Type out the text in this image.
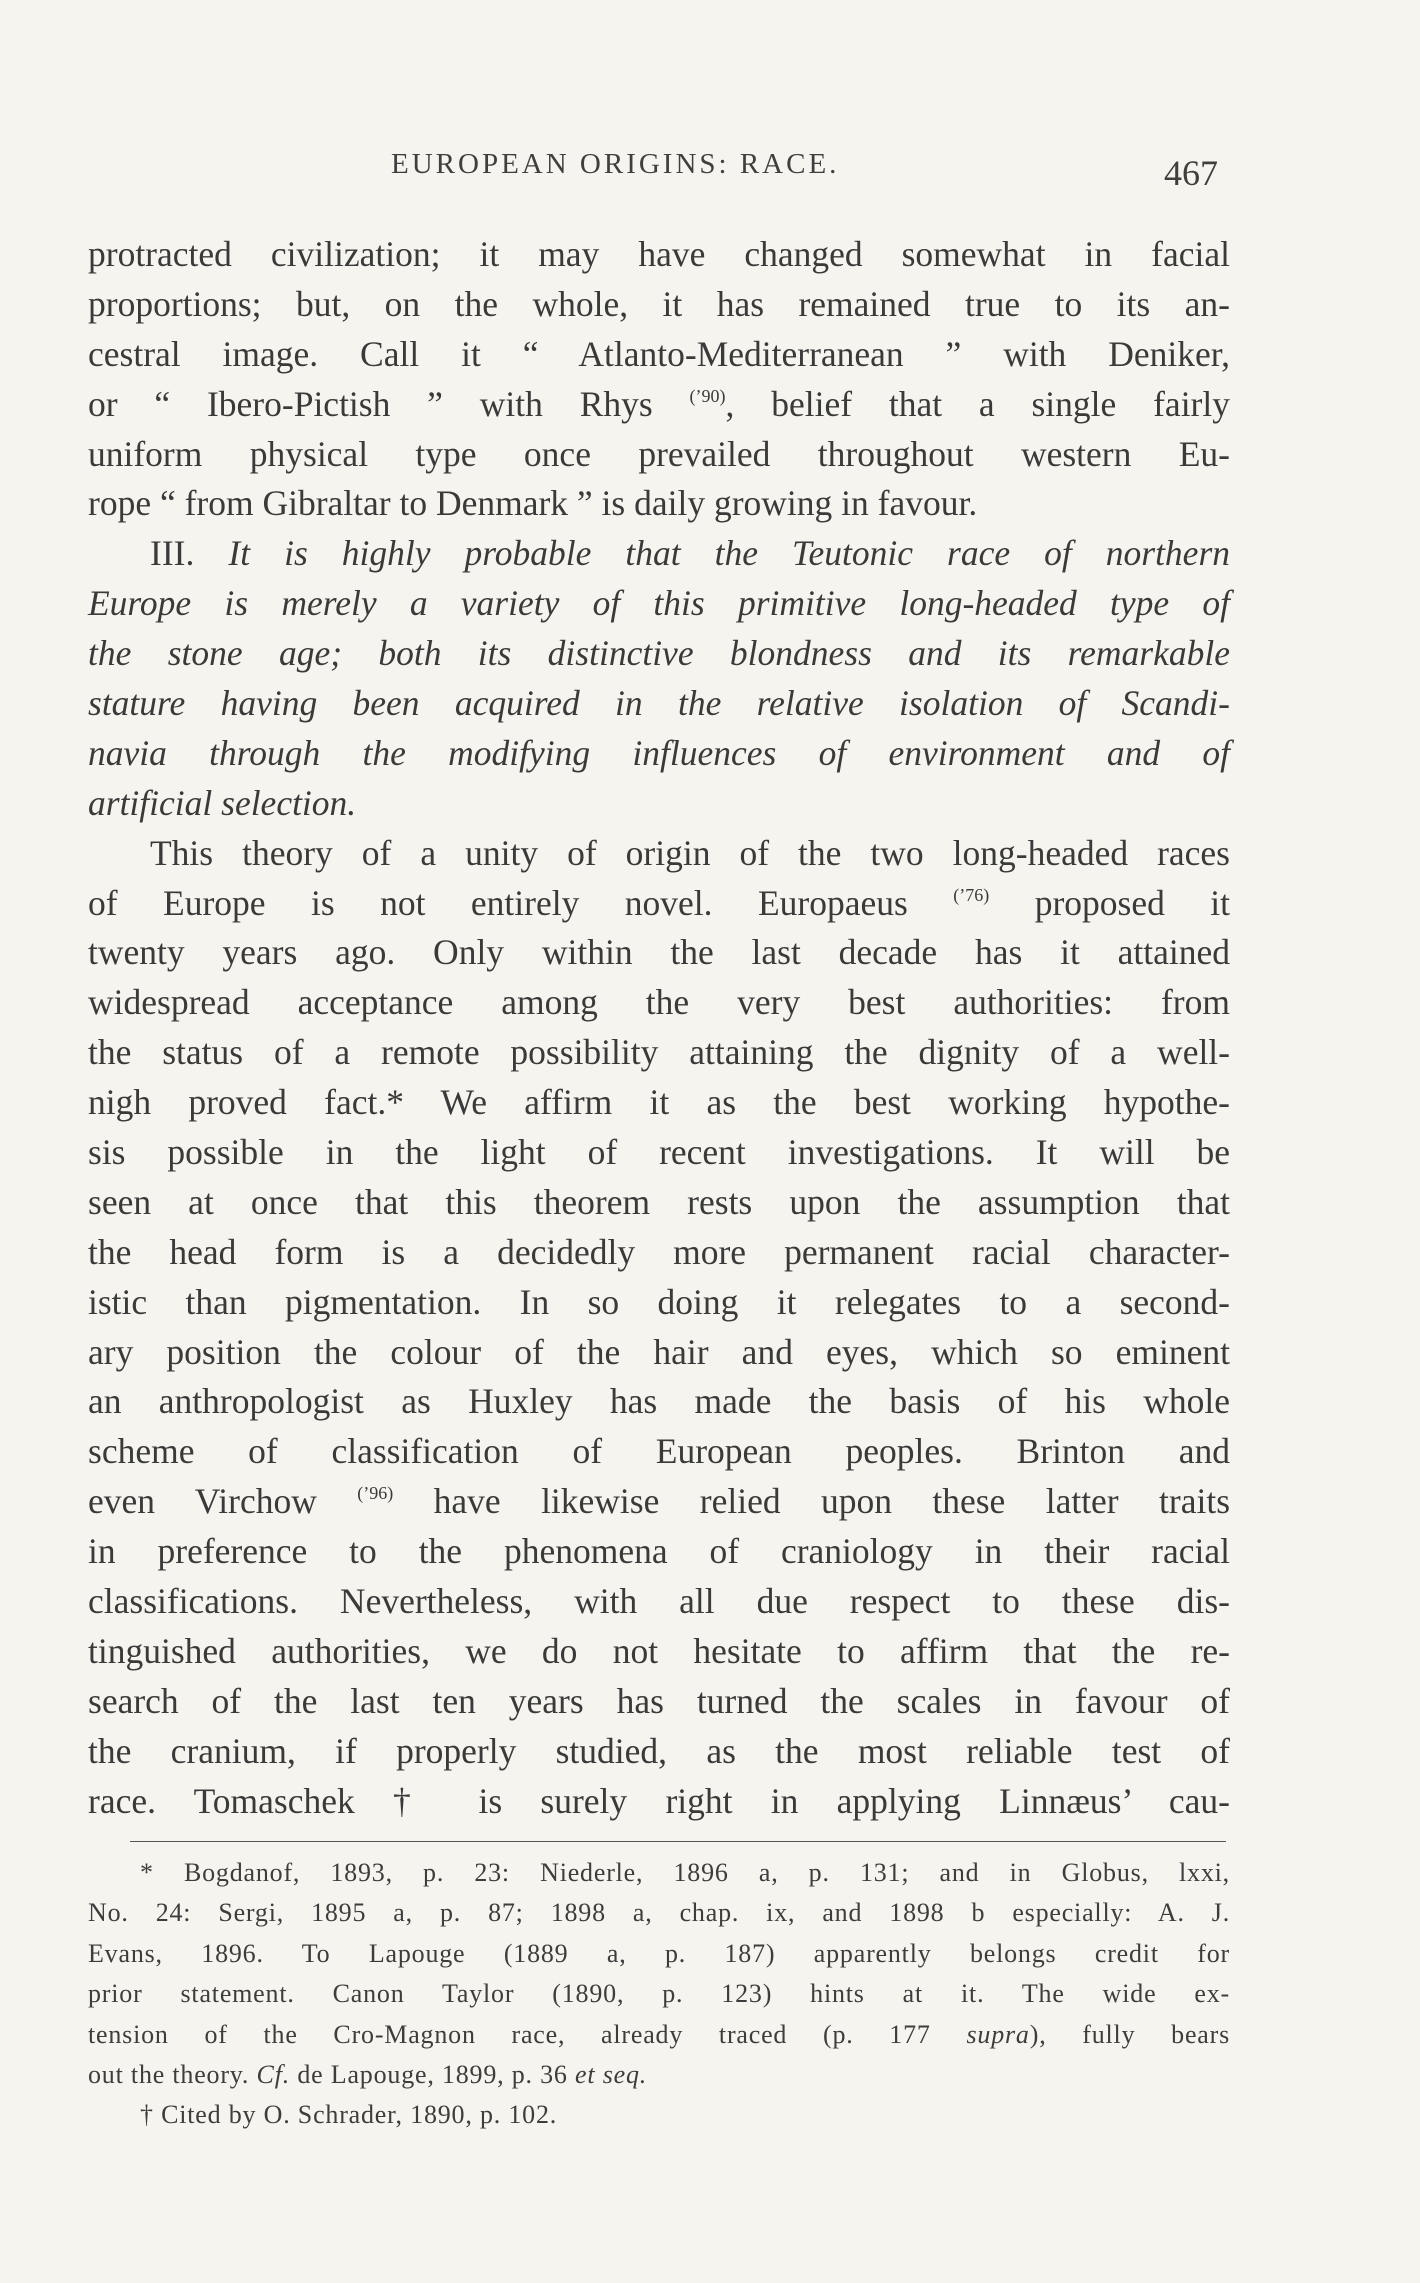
EUROPEAN ORIGINS: RACE.	467
protracted civilization; it may have changed somewhat in facial
proportions; but, on the whole, it has remained true to its an-
cestral image. Call it “ Atlanto-Mediterranean ” with Deniker,
or “ Ibero-Pictish ” with Rhys $^{(’90)}$, belief that a single fairly
uniform physical type once prevailed throughout western Eu-
rope “ from Gibraltar to Denmark ” is daily growing in favour.
III. It is highly probable that the Teutonic race of northern
Europe is merely a variety of this primitive long-headed type of
the stone age; both its distinctive blondness and its remarkable
stature having been acquired in the relative isolation of Scandi-
navia through the modifying influences of environment and of
artificial selection.
This theory of a unity of origin of the two long-headed races
of Europe is not entirely novel. Europaeus	$^{(’76)}$ proposed it
twenty years ago. Only within the last decade has it attained
widespread acceptance among the very best authorities: from
the status of a remote possibility attaining the dignity of a well-
nigh proved fact.* We affirm it as the best working hypothe-
sis possible in the light of recent investigations. It will be
seen at once that this theorem rests upon the assumption that
the head form is a decidedly more permanent racial character-
istic than pigmentation. In so doing it relegates to a second-
ary position the colour of the hair and eyes, which so eminent
an anthropologist as Huxley has made the basis of his whole
scheme of classification of European peoples. Brinton and
even Virchow $^{(’96)}$ have likewise relied upon these latter traits
in preference to the phenomena of craniology in their racial
classifications. Nevertheless, with all due respect to these dis-
tinguished authorities, we do not hesitate to affirm that the re-
search of the last ten years has turned the scales in favour of
the cranium, if properly studied, as the most reliable test of
race. Tomaschek † is surely right in applying Linnæus’ cau-
* Bogdanof, 1893, p. 23: Niederle, 1896 a, p. 131; and in Globus, lxxi,
No. 24: Sergi, 1895 a, p. 87; 1898 a, chap. ix, and 1898 b especially: A. J.
Evans, 1896. To Lapouge (1889 a, p. 187) apparently belongs credit for
prior statement. Canon Taylor (1890, p. 123) hints at it. The wide ex-
tension of the Cro-Magnon race, already traced (p. 177 supra), fully bears
out the theory. Cf. de Lapouge, 1899, p. 36 et seq.
† Cited by O. Schrader, 1890, p. 102.
